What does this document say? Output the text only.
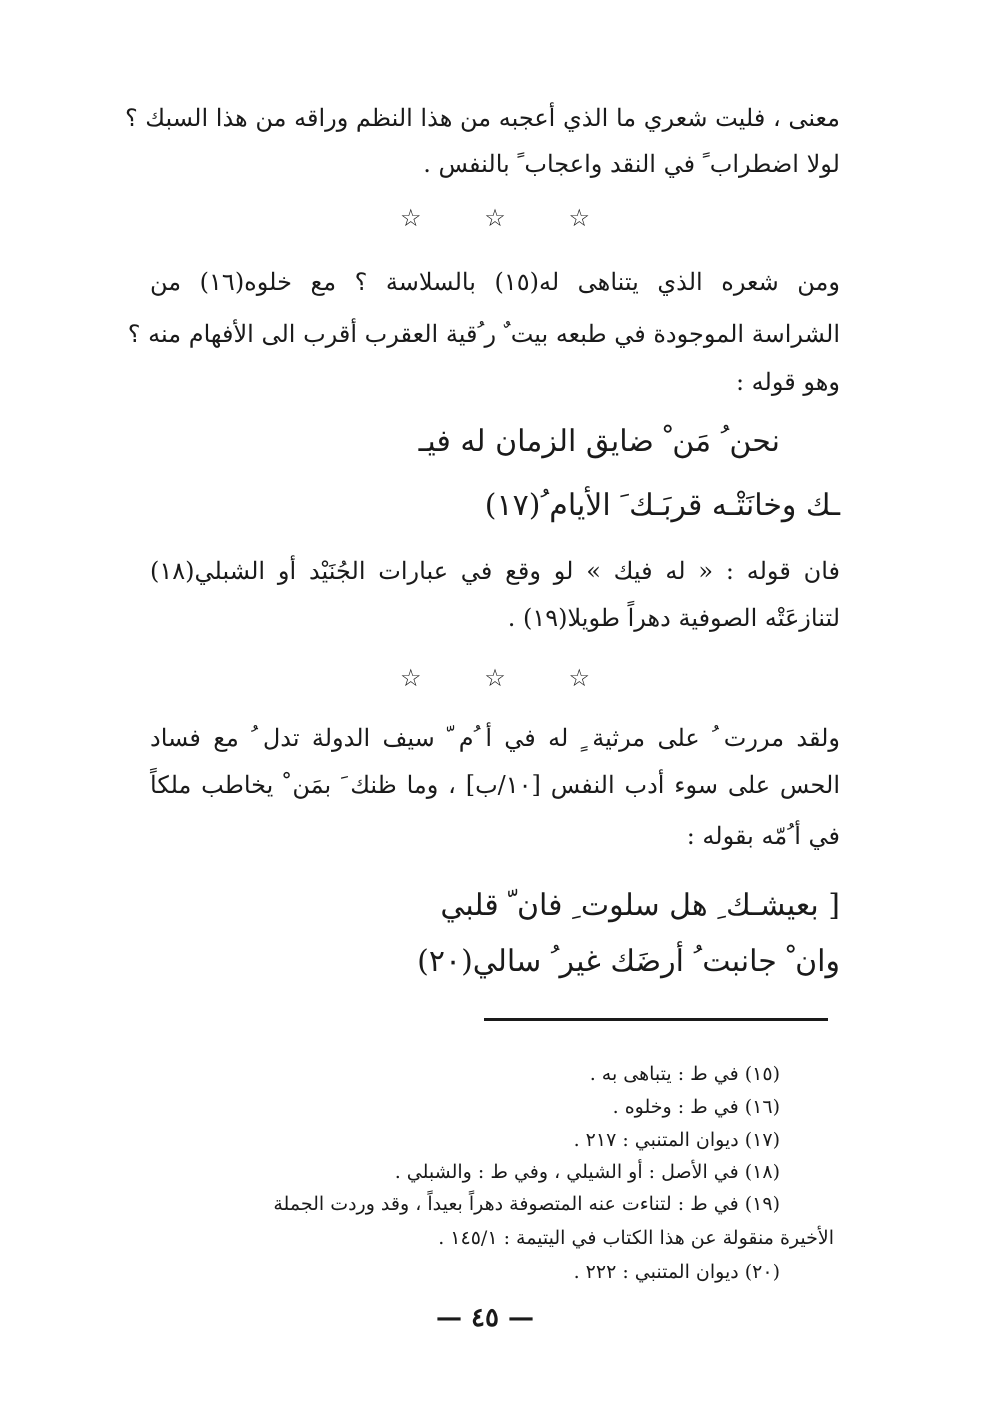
معنى ، فليت شعري ما الذي أعجبه من هذا النظم وراقه من هذا السبك ؟
لولا اضطراب ً في النقد واعجاب ً بالنفس .
☆	☆	☆
ومن شعره الذي يتناهى له(١٥) بالسلاسة ؟ مع خلوه(١٦) من
الشراسة الموجودة في طبعه بيت ٌ ر ُقية العقرب أقرب الى الأفهام منه ؟
وهو قوله :
نحن ُ مَن ْ ضايق الزمان له فيـ
ـك وخانَتْـه قربَـك َ الأيام ُ(١٧)
فان قوله : « له فيك » لو وقع في عبارات الجُنَيْد أو الشبلي(١٨)
لتنازعَتْه الصوفية دهراً طويلا(١٩) .
☆	☆	☆
ولقد مررت ُ على مرثية ٍ له في أ ُم ّ سيف الدولة تدل ُ مع فساد
الحس على سوء أدب النفس [١٠/ب] ، وما ظنك َ بمَن ْ يخاطب ملكاً
في أ ُمّه بقوله :
[ بعيشـك ِ هل سلوت ِ فان ّ قلبي
وان ْ جانبت ُ أرضَك غير ُ سالي(٢٠)
(١٥) في ط : يتباهى به .
(١٦) في ط : وخلوه .
(١٧) ديوان المتنبي : ٢١٧ .
(١٨) في الأصل : أو الشيلي ، وفي ط : والشبلي .
(١٩) في ط : لتناءت عنه المتصوفة دهراً بعيداً ، وقد وردت الجملة
الأخيرة منقولة عن هذا الكتاب في اليتيمة : ١٤٥/١ .
(٢٠) ديوان المتنبي : ٢٢٢ .
— ٤٥ —
